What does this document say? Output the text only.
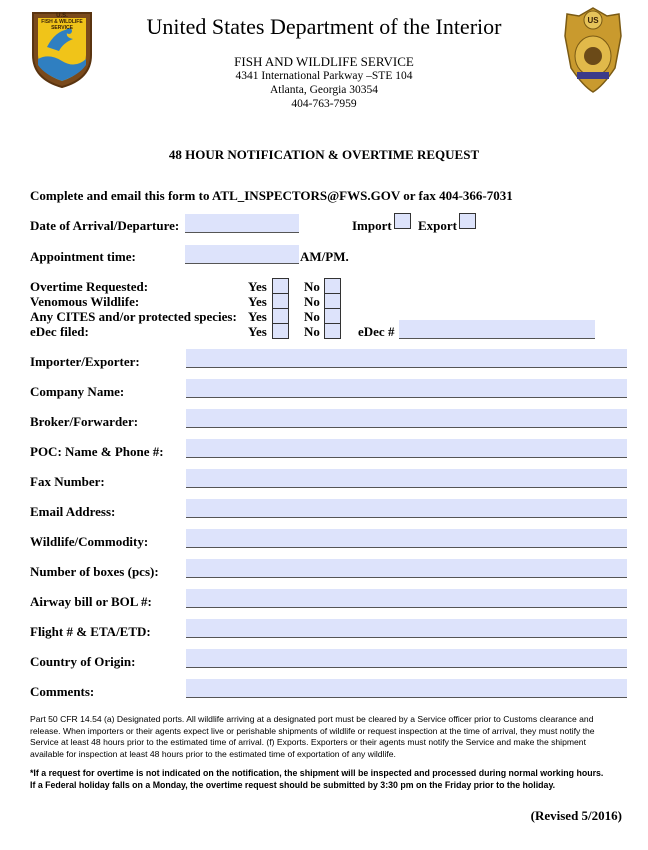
U.S.
FISH & WILDLIFE
SERVICE
US
United States Department of the Interior
FISH AND WILDLIFE SERVICE
4341 International Parkway –STE 104
Atlanta, Georgia 30354
404-763-7959
48 HOUR NOTIFICATION & OVERTIME REQUEST
Complete and email this form to ATL_INSPECTORS@FWS.GOV or fax 404-366-7031
Date of Arrival/Departure:	Import Export
Appointment time:	AM/PM.
Overtime Requested:	Yes	No
Venomous Wildlife:	Yes	No
Any CITES and/or protected species: Yes	No
eDec filed:	Yes	No	eDec #
Importer/Exporter:
Company Name:
Broker/Forwarder:
POC: Name & Phone #:
Fax Number:
Email Address:
Wildlife/Commodity:
Number of boxes (pcs):
Airway bill or BOL #:
Flight # & ETA/ETD:
Country of Origin:
Comments:
Part 50 CFR 14.54 (a) Designated ports. All wildlife arriving at a designated port must be cleared by a Service officer prior to Customs clearance and release. When importers or their agents expect live or perishable shipments of wildlife or request inspection at the time of arrival, they must notify the Service at least 48 hours prior to the estimated time of arrival. (f) Exports. Exporters or their agents must notify the Service and make the shipment available for inspection at least 48 hours prior to the estimated time of exportation of any wildlife.
*If a request for overtime is not indicated on the notification, the shipment will be inspected and processed during normal working hours. If a Federal holiday falls on a Monday, the overtime request should be submitted by 3:30 pm on the Friday prior to the holiday.
(Revised 5/2016)
